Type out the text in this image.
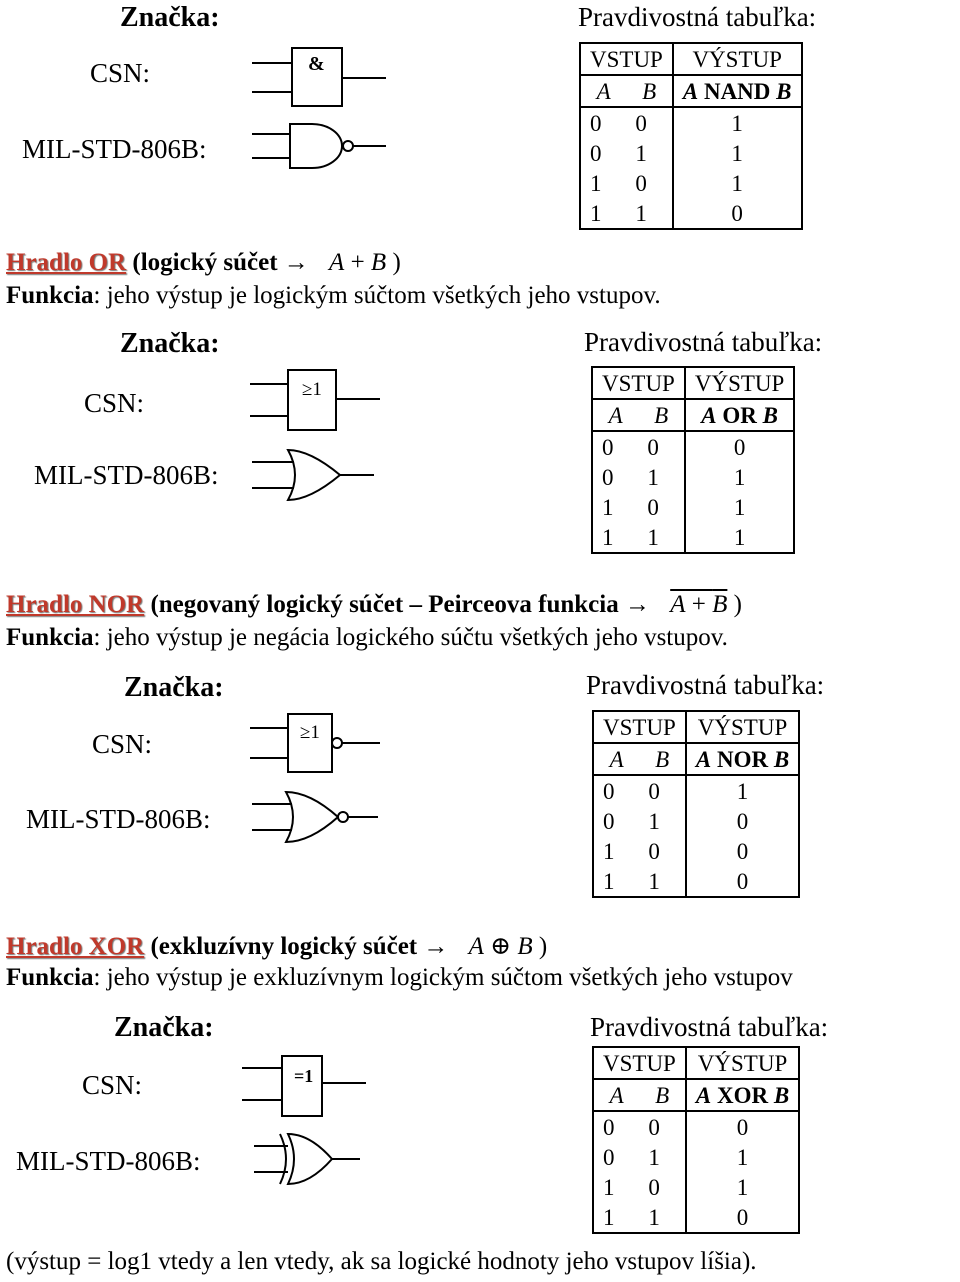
Značka:
CSN:
MIL-STD-806B:
Pravdivostná tabuľka:
&	VSTUP		VÝSTUP
A	B	A NAND B
0	0	1
0	1	1
1	0	1
1	1	0
Hradlo OR (logický súčet → A + B )
Funkcia: jeho výstup je logickým súčtom všetkých jeho vstupov.
Značka:
CSN:
MIL-STD-806B:
Pravdivostná tabuľka:
≥1	VSTUP		VÝSTUP
A	B	A OR B
0	0	0
0	1	1
1	0	1
1	1	1
Hradlo NOR (negovaný logický súčet – Peirceova funkcia → A + B )
Funkcia: jeho výstup je negácia logického súčtu všetkých jeho vstupov.
Značka:
CSN:
MIL-STD-806B:
Pravdivostná tabuľka:
≥1	VSTUP		VÝSTUP
A	B	A NOR B
0	0	1
0	1	0
1	0	0
1	1	0
Hradlo XOR (exkluzívny logický súčet → A ⊕ B )
Funkcia: jeho výstup je exkluzívnym logickým súčtom všetkých jeho vstupov
Značka:
CSN:
MIL-STD-806B:
Pravdivostná tabuľka:
=1
VSTUP		VÝSTUP
A	B	A XOR B
0	0	0
0	1	1
1	0	1
1	1	0
(výstup = log1 vtedy a len vtedy, ak sa logické hodnoty jeho vstupov líšia).
